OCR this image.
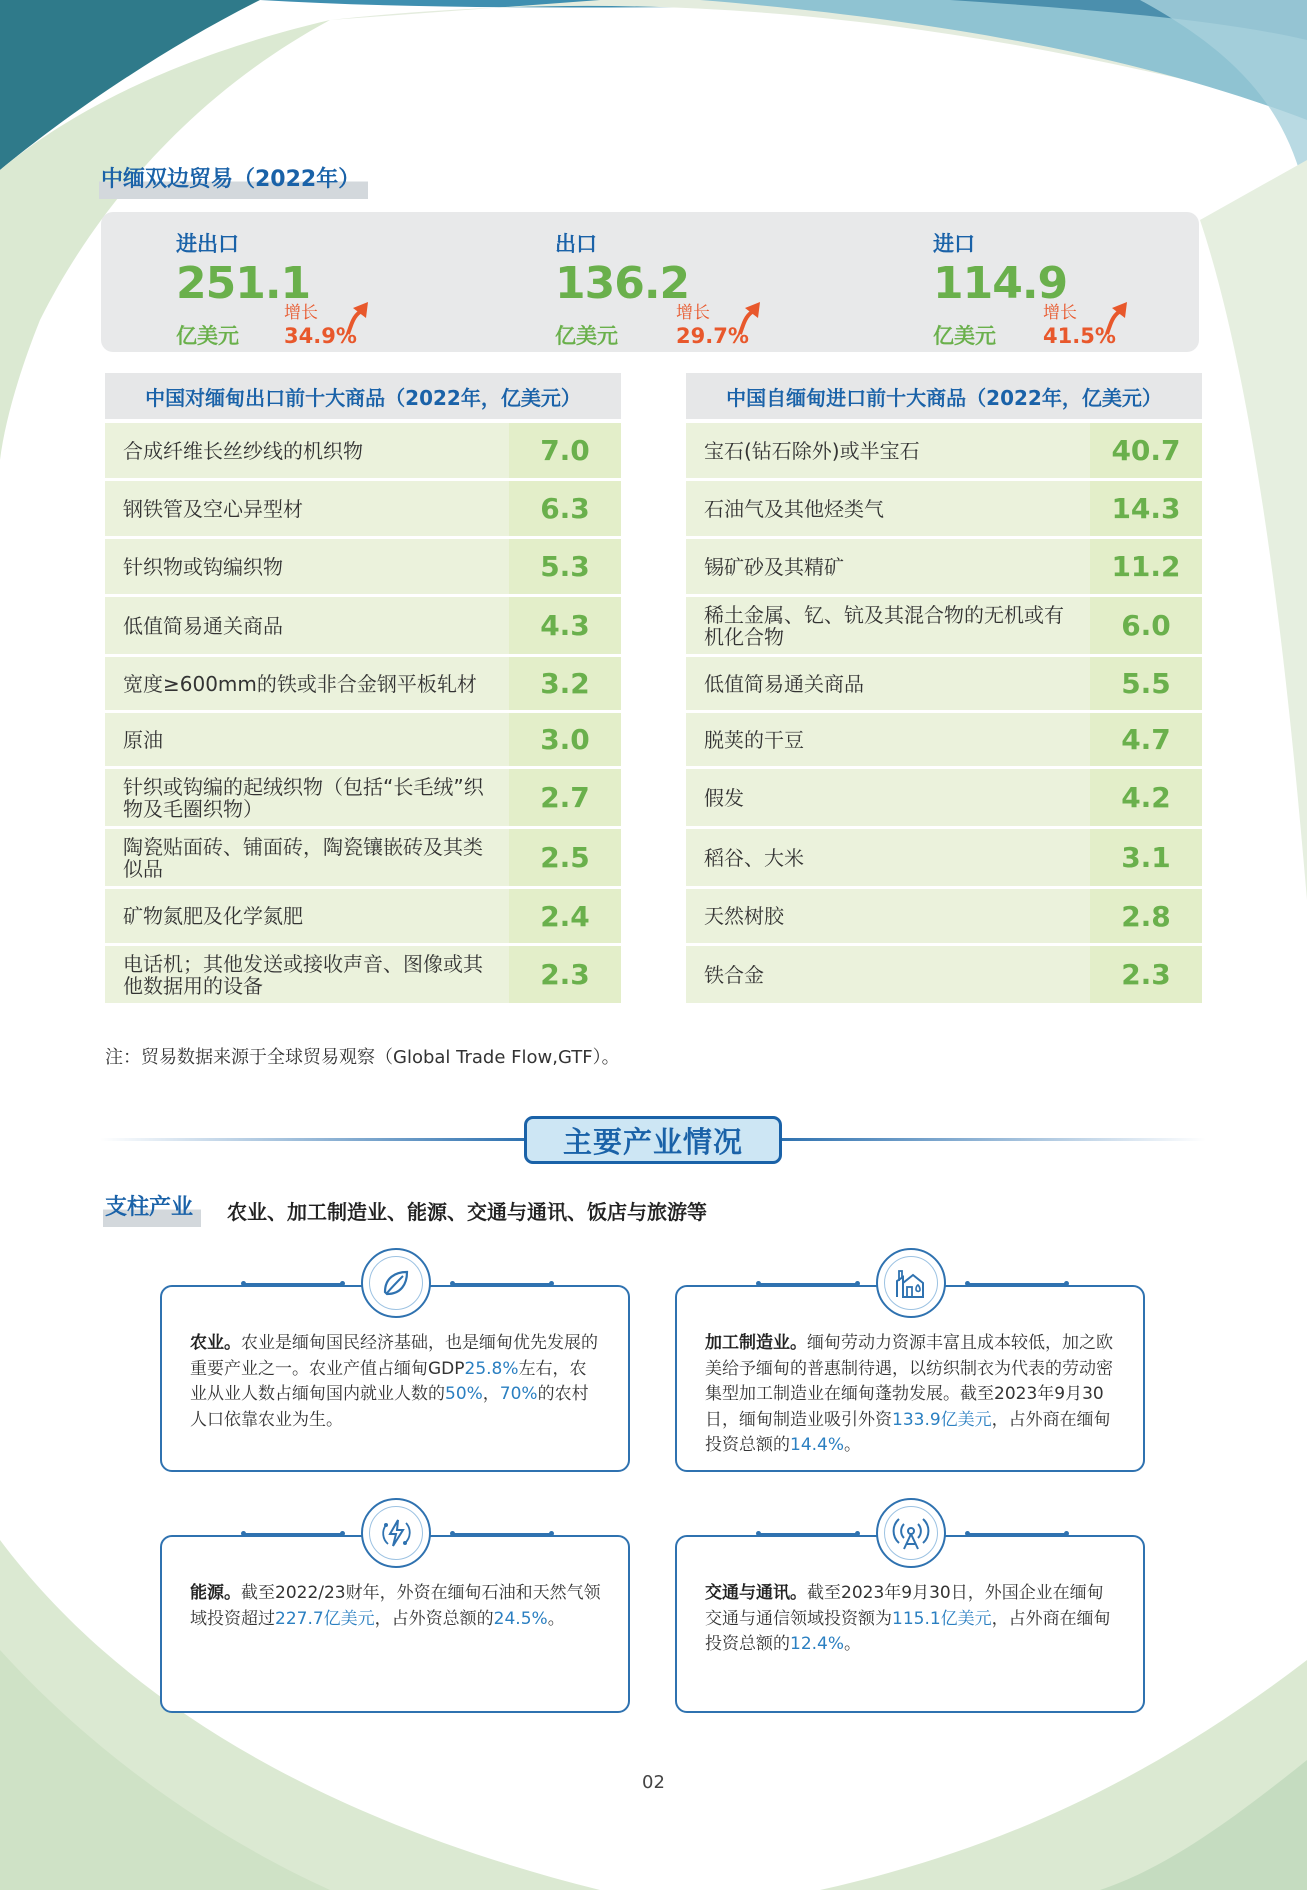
中缅双边贸易（2022年）
进出口
251.1
亿美元
增长
34.9%
出口
136.2
亿美元
增长
29.7%
进口
114.9
亿美元
增长
41.5%
中国对缅甸出口前十大商品（2022年，亿美元）
合成纤维长丝纱线的机织物	7.0
钢铁管及空心异型材	6.3
针织物或钩编织物	5.3
低值简易通关商品	4.3
宽度≥600mm的铁或非合金钢平板轧材	3.2
原油	3.0
针织或钩编的起绒织物（包括“长毛绒”织物及毛圈织物）	2.7
陶瓷贴面砖、铺面砖，陶瓷镶嵌砖及其类似品	2.5
矿物氮肥及化学氮肥	2.4
电话机；其他发送或接收声音、图像或其他数据用的设备	2.3
中国自缅甸进口前十大商品（2022年，亿美元）
宝石(钻石除外)或半宝石	40.7
石油气及其他烃类气	14.3
锡矿砂及其精矿	11.2
稀土金属、钇、钪及其混合物的无机或有机化合物	6.0
低值简易通关商品	5.5
脱荚的干豆	4.7
假发	4.2
稻谷、大米	3.1
天然树胶	2.8
铁合金	2.3
注：贸易数据来源于全球贸易观察（Global Trade Flow,GTF）。
主要产业情况
支柱产业	农业、加工制造业、能源、交通与通讯、饭店与旅游等
农业。农业是缅甸国民经济基础，也是缅甸优先发展的重要产业之一。农业产值占缅甸GDP25.8%左右，农业从业人数占缅甸国内就业人数的50%，70%的农村人口依靠农业为生。
加工制造业。缅甸劳动力资源丰富且成本较低，加之欧美给予缅甸的普惠制待遇，以纺织制衣为代表的劳动密集型加工制造业在缅甸蓬勃发展。截至2023年9月30日，缅甸制造业吸引外资133.9亿美元，占外商在缅甸投资总额的14.4%。
能源。截至2022/23财年，外资在缅甸石油和天然气领域投资超过227.7亿美元，占外资总额的24.5%。
交通与通讯。截至2023年9月30日，外国企业在缅甸交通与通信领域投资额为115.1亿美元，占外商在缅甸投资总额的12.4%。
02
